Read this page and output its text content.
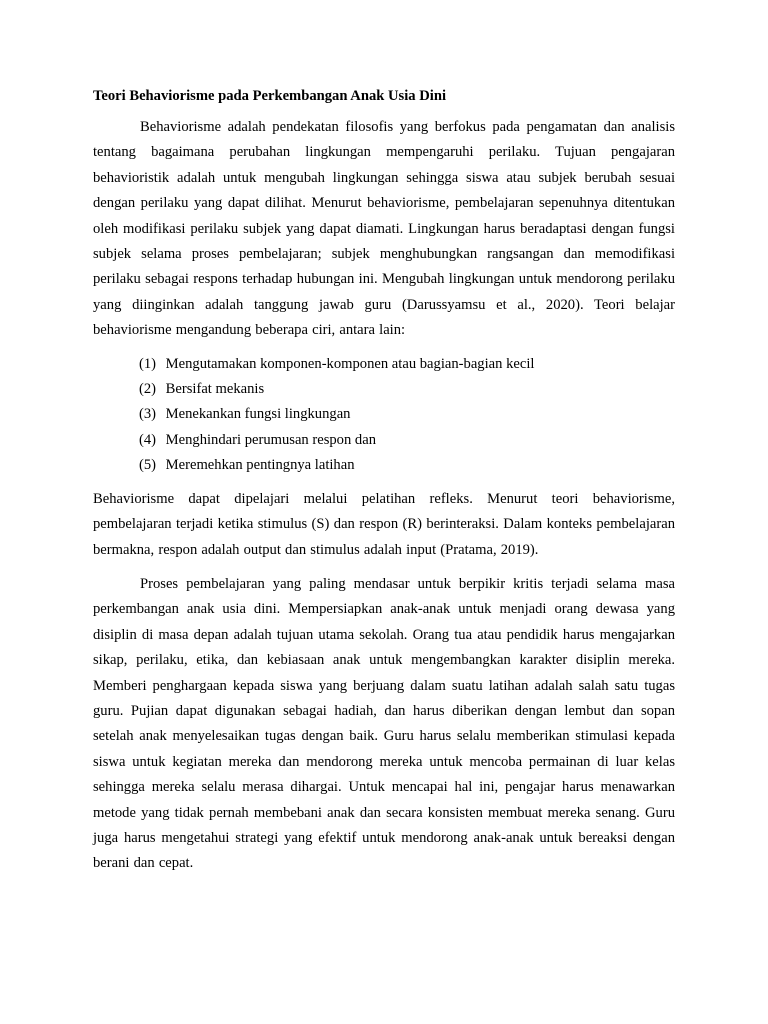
Teori Behaviorisme pada Perkembangan Anak Usia Dini

Behaviorisme adalah pendekatan filosofis yang berfokus pada pengamatan dan analisis tentang bagaimana perubahan lingkungan mempengaruhi perilaku. Tujuan pengajaran behavioristik adalah untuk mengubah lingkungan sehingga siswa atau subjek berubah sesuai dengan perilaku yang dapat dilihat. Menurut behaviorisme, pembelajaran sepenuhnya ditentukan oleh modifikasi perilaku subjek yang dapat diamati. Lingkungan harus beradaptasi dengan fungsi subjek selama proses pembelajaran; subjek menghubungkan rangsangan dan memodifikasi perilaku sebagai respons terhadap hubungan ini. Mengubah lingkungan untuk mendorong perilaku yang diinginkan adalah tanggung jawab guru (Darussyamsu et al., 2020). Teori belajar behaviorisme mengandung beberapa ciri, antara lain:

(1) Mengutamakan komponen-komponen atau bagian-bagian kecil
(2) Bersifat mekanis
(3) Menekankan fungsi lingkungan
(4) Menghindari perumusan respon dan
(5) Meremehkan pentingnya latihan

Behaviorisme dapat dipelajari melalui pelatihan refleks. Menurut teori behaviorisme, pembelajaran terjadi ketika stimulus (S) dan respon (R) berinteraksi. Dalam konteks pembelajaran bermakna, respon adalah output dan stimulus adalah input (Pratama, 2019).

Proses pembelajaran yang paling mendasar untuk berpikir kritis terjadi selama masa perkembangan anak usia dini. Mempersiapkan anak-anak untuk menjadi orang dewasa yang disiplin di masa depan adalah tujuan utama sekolah. Orang tua atau pendidik harus mengajarkan sikap, perilaku, etika, dan kebiasaan anak untuk mengembangkan karakter disiplin mereka. Memberi penghargaan kepada siswa yang berjuang dalam suatu latihan adalah salah satu tugas guru. Pujian dapat digunakan sebagai hadiah, dan harus diberikan dengan lembut dan sopan setelah anak menyelesaikan tugas dengan baik. Guru harus selalu memberikan stimulasi kepada siswa untuk kegiatan mereka dan mendorong mereka untuk mencoba permainan di luar kelas sehingga mereka selalu merasa dihargai. Untuk mencapai hal ini, pengajar harus menawarkan metode yang tidak pernah membebani anak dan secara konsisten membuat mereka senang. Guru juga harus mengetahui strategi yang efektif untuk mendorong anak-anak untuk bereaksi dengan berani dan cepat.
